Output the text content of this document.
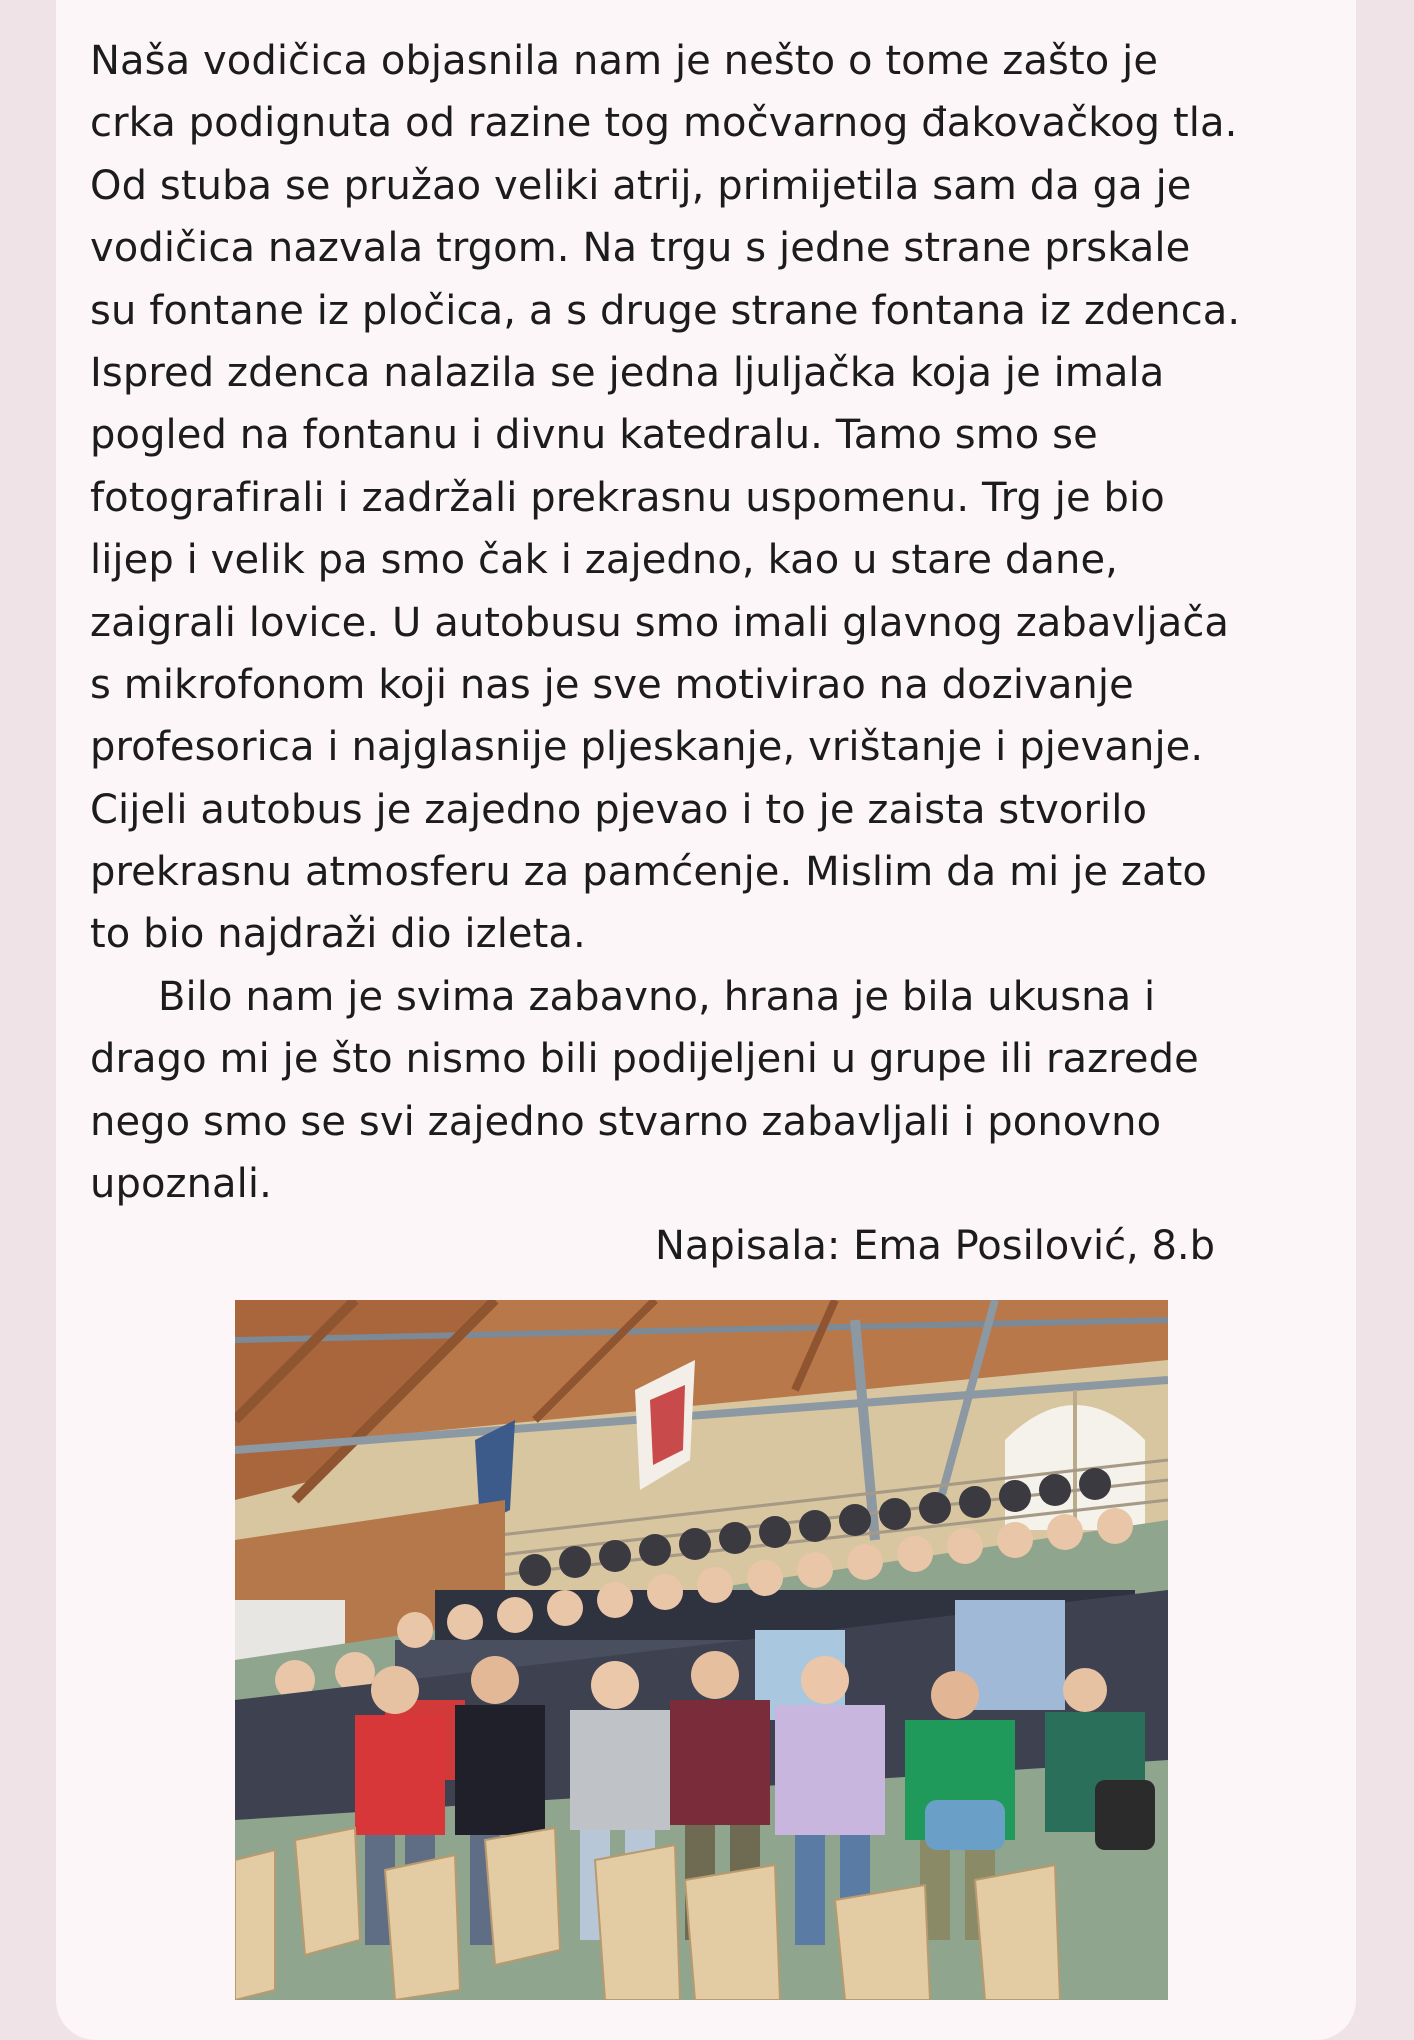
Naša vodičica objasnila nam je nešto o tome zašto je
crka podignuta od razine tog močvarnog đakovačkog tla.
Od stuba se pružao veliki atrij, primijetila sam da ga je
vodičica nazvala trgom. Na trgu s jedne strane prskale
su fontane iz pločica, a s druge strane fontana iz zdenca.
Ispred zdenca nalazila se jedna ljuljačka koja je imala
pogled na fontanu i divnu katedralu. Tamo smo se
fotografirali i zadržali prekrasnu uspomenu. Trg je bio
lijep i velik pa smo čak i zajedno, kao u stare dane,
zaigrali lovice. U autobusu smo imali glavnog zabavljača
s mikrofonom koji nas je sve motivirao na dozivanje
profesorica i najglasnije pljeskanje, vrištanje i pjevanje.
Cijeli autobus je zajedno pjevao i to je zaista stvorilo
prekrasnu atmosferu za pamćenje. Mislim da mi je zato
to bio najdraži dio izleta.
Bilo nam je svima zabavno, hrana je bila ukusna i
drago mi je što nismo bili podijeljeni u grupe ili razrede
nego smo se svi zajedno stvarno zabavljali i ponovno
upoznali.
Napisala: Ema Posilović, 8.b
